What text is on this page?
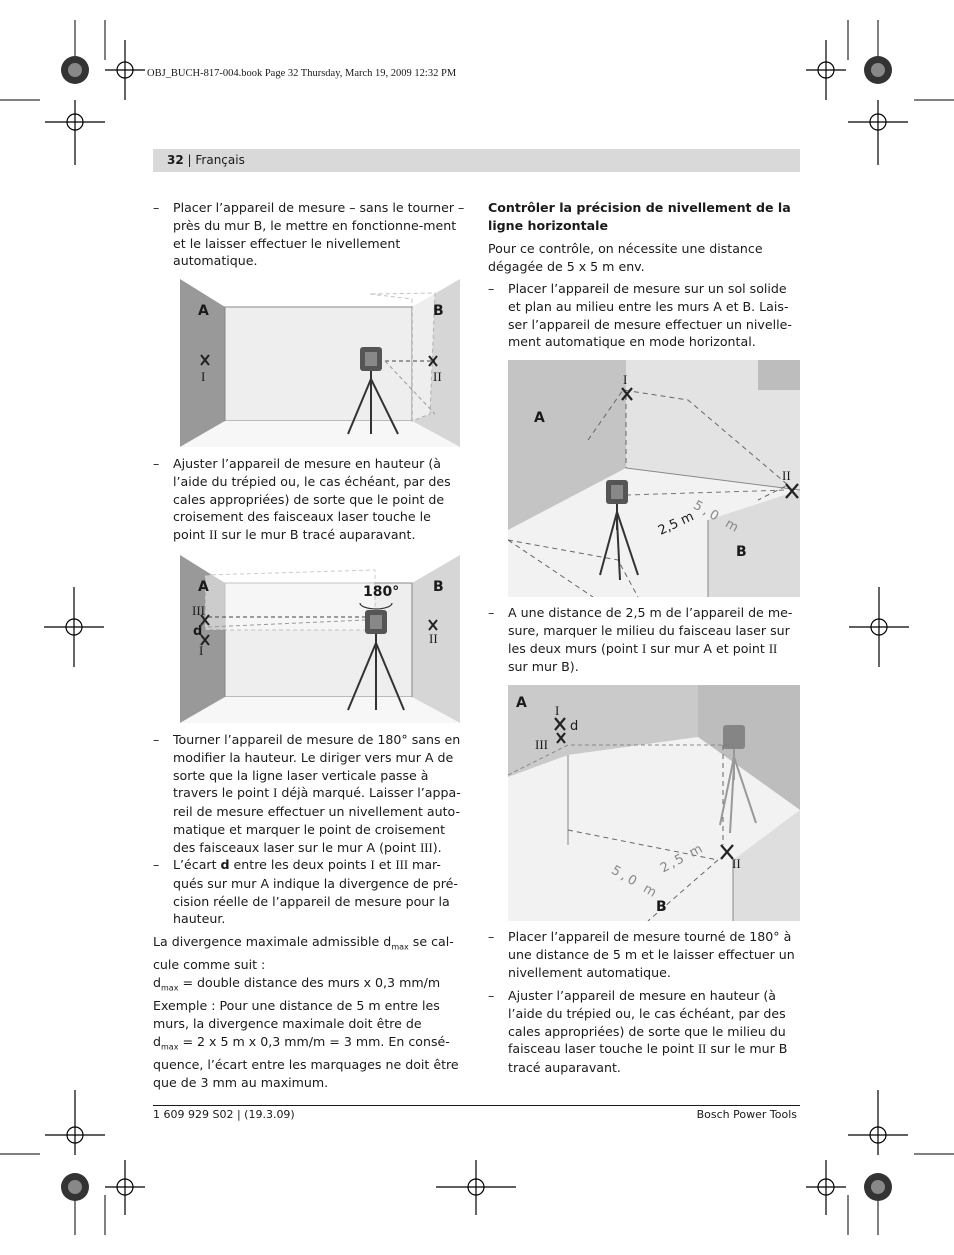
OBJ_BUCH-817-004.book Page 32 Thursday, March 19, 2009 12:32 PM
32 | Français
– Placer l’appareil de mesure – sans le tourner – près du mur B, le mettre en fonctionne-ment et le laisser effectuer le nivellement automatique.
A	B
I	II
– Ajuster l’appareil de mesure en hauteur (à l’aide du trépied ou, le cas échéant, par des cales appropriées) de sorte que le point de croisement des faisceaux laser touche le point II sur le mur B tracé auparavant.
A	B
180°
III
d
I
II
– Tourner l’appareil de mesure de 180° sans en modifier la hauteur. Le diriger vers mur A de sorte que la ligne laser verticale passe à travers le point I déjà marqué. Laisser l’appa-reil de mesure effectuer un nivellement auto-matique et marquer le point de croisement des faisceaux laser sur le mur A (point III).
– L’écart d entre les deux points I et III mar-qués sur mur A indique la divergence de pré-cision réelle de l’appareil de mesure pour la hauteur.
La divergence maximale admissible $d_{max}$ se cal-cule comme suit :
$d_{max}$ = double distance des murs x 0,3 mm/m
Exemple : Pour une distance de 5 m entre les murs, la divergence maximale doit être de
$d_{max} = 2$ x 5 m x 0,3 mm/m = 3 mm. En consé-quence, l’écart entre les marquages ne doit être que de 3 mm au maximum.
Contrôler la précision de nivellement de la ligne horizontale
Pour ce contrôle, on nécessite une distance dégagée de 5 x 5 m env.
– Placer l’appareil de mesure sur un sol solide et plan au milieu entre les murs A et B. Lais-ser l’appareil de mesure effectuer un nivelle-ment automatique en mode horizontal.
A
B
I
II
2,5 m
5,0 m
– A une distance de 2,5 m de l’appareil de me-sure, marquer le milieu du faisceau laser sur les deux murs (point I sur mur A et point II sur mur B).
A
B
I
III
d
II
2,5 m
5,0 m
– Placer l’appareil de mesure tourné de 180° à une distance de 5 m et le laisser effectuer un nivellement automatique.
– Ajuster l’appareil de mesure en hauteur (à l’aide du trépied ou, le cas échéant, par des cales appropriées) de sorte que le milieu du faisceau laser touche le point II sur le mur B tracé auparavant.
1 609 929 S02 | (19.3.09)	Bosch Power Tools
